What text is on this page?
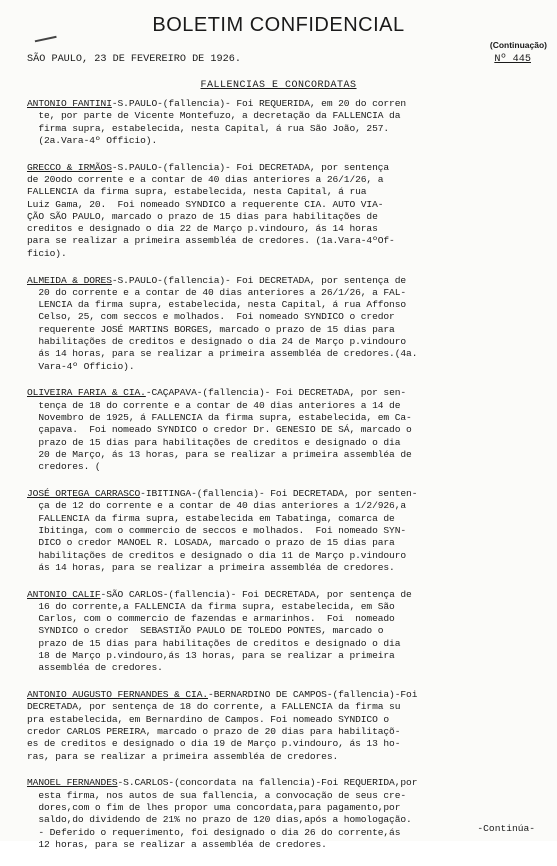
BOLETIM CONFIDENCIAL
(Continuação)
SÃO PAULO, 23 DE FEVEREIRO DE 1926.	Nº 445
FALLENCIAS E CONCORDATAS
ANTONIO FANTINI-S.PAULO-(fallencia)- Foi REQUERIDA, em 20 do corren
te, por parte de Vicente Montefuzo, a decretação da FALLENCIA da
firma supra, estabelecida, nesta Capital, á rua São João, 257.
(2a.Vara-4º Officio).
GRECCO & IRMÃOS-S.PAULO-(fallencia)- Foi DECRETADA, por sentença
de 20odo corrente e a contar de 40 dias anteriores a 26/1/26, a
FALLENCIA da firma supra, estabelecida, nesta Capital, á rua
Luiz Gama, 20.  Foi nomeado SYNDICO a requerente CIA. AUTO VIA-
ÇÃO SÃO PAULO, marcado o prazo de 15 dias para habilitações de
creditos e designado o dia 22 de Março p.vindouro, ás 14 horas
para se realizar a primeira assembléa de credores. (1a.Vara-4ºOf-
ficio).
ALMEIDA & DORES-S.PAULO-(fallencia)- Foi DECRETADA, por sentença de
20 do corrente e a contar de 40 dias anteriores a 26/1/26, a FAL-
LENCIA da firma supra, estabelecida, nesta Capital, á rua Affonso
Celso, 25, com seccos e molhados.  Foi nomeado SYNDICO o credor
requerente JOSÉ MARTINS BORGES, marcado o prazo de 15 dias para
habilitações de creditos e designado o dia 24 de Março p.vindouro
ás 14 horas, para se realizar a primeira assembléa de credores.(4a.
Vara-4º Officio).
OLIVEIRA FARIA & CIA.-CAÇAPAVA-(fallencia)- Foi DECRETADA, por sen-
tença de 18 do corrente e a contar de 40 dias anteriores a 14 de
Novembro de 1925, á FALLENCIA da firma supra, estabelecida, em Ca-
çapava.  Foi nomeado SYNDICO o credor Dr. GENESIO DE SÁ, marcado o
prazo de 15 dias para habilitações de creditos e designado o dia
20 de Março, ás 13 horas, para se realizar a primeira assembléa de
credores. (
JOSÉ ORTEGA CARRASCO-IBITINGA-(fallencia)- Foi DECRETADA, por senten-
ça de 12 do corrente e a contar de 40 dias anteriores a 1/2/926,a
FALLENCIA da firma supra, estabelecida em Tabatinga, comarca de
Ibitinga, com o commercio de seccos e molhados.  Foi nomeado SYN-
DICO o credor MANOEL R. LOSADA, marcado o prazo de 15 dias para
habilitações de creditos e designado o dia 11 de Março p.vindouro
ás 14 horas, para se realizar a primeira assembléa de credores.
ANTONIO CALIF-SÃO CARLOS-(fallencia)- Foi DECRETADA, por sentença de
16 do corrente,a FALLENCIA da firma supra, estabelecida, em São
Carlos, com o commercio de fazendas e armarinhos.  Foi  nomeado
SYNDICO o credor  SEBASTIÃO PAULO DE TOLEDO PONTES, marcado o
prazo de 15 dias para habilitações de creditos e designado o dia
18 de Março p.vindouro,ás 13 horas, para se realizar a primeira
assembléa de credores.
ANTONIO AUGUSTO FERNANDES & CIA.-BERNARDINO DE CAMPOS-(fallencia)-Foi
DECRETADA, por sentença de 18 do corrente, a FALLENCIA da firma su
pra estabelecida, em Bernardino de Campos. Foi nomeado SYNDICO o
credor CARLOS PEREIRA, marcado o prazo de 20 dias para habilitaçõ-
es de creditos e designado o dia 19 de Março p.vindouro, ás 13 ho-
ras, para se realizar a primeira assembléa de credores.
MANOEL FERNANDES-S.CARLOS-(concordata na fallencia)-Foi REQUERIDA,por
esta firma, nos autos de sua fallencia, a convocação de seus cre-
dores,com o fim de lhes propor uma concordata,para pagamento,por
saldo,do dividendo de 21% no prazo de 120 dias,após a homologação.
- Deferido o requerimento, foi designado o dia 26 do corrente,ás
12 horas, para se realizar a assembléa de credores.
-Continúa-
